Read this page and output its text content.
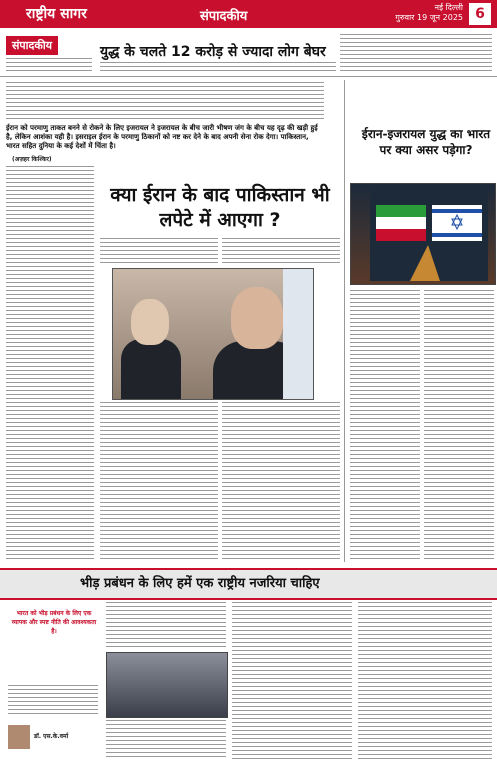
राष्ट्रीय सागर	संपादकीय
नई दिल्ली
गुरुवार 19 जून 2025 6
संपादकीय	युद्ध के चलते 12 करोड़ से ज्यादा लोग बेघर
ईरान को परमाणु ताकत बनने से रोकने के लिए इजरायल ने इजरायल के बीच जारी भीषण जंग के बीच यह दृढ़ की खड़ी हुई है, लेकिन आशंका यही है। इसराइल ईरान के परमाणु ठिकानों को नष्ट कर देने के बाद अपनी सेना रोक देगा। पाकिस्तान, भारत सहित दुनिया के कई देशों में चिंता है।
(अज़हर किश्किर)
क्या ईरान के बाद पाकिस्तान भी लपेटे में आएगा ?
ईरान-इजरायल युद्ध का भारत पर क्या असर पड़ेगा?
भीड़ प्रबंधन के लिए हमें एक राष्ट्रीय नजरिया चाहिए
भारत को भीड़ प्रबंधन के लिए एक व्यापक और स्पष्ट नीति की आवश्यकता है।
डॉ. एस.के.वर्मा
